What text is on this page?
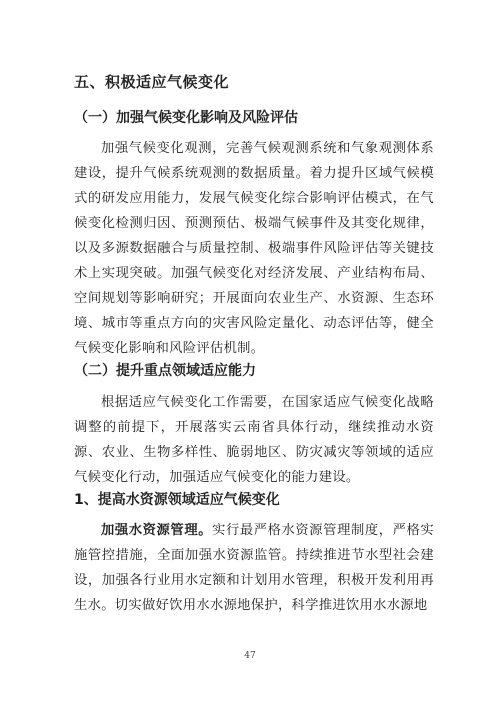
五、积极适应气候变化
（一）加强气候变化影响及风险评估

加强气候变化观测，完善气候观测系统和气象观测体系建设，提升气候系统观测的数据质量。着力提升区域气候模式的研发应用能力，发展气候变化综合影响评估模式，在气候变化检测归因、预测预估、极端气候事件及其变化规律，以及多源数据融合与质量控制、极端事件风险评估等关键技术上实现突破。加强气候变化对经济发展、产业结构布局、空间规划等影响研究；开展面向农业生产、水资源、生态环境、城市等重点方向的灾害风险定量化、动态评估等，健全气候变化影响和风险评估机制。

（二）提升重点领域适应能力

根据适应气候变化工作需要，在国家适应气候变化战略调整的前提下，开展落实云南省具体行动，继续推动水资源、农业、生物多样性、脆弱地区、防灾减灾等领域的适应气候变化行动，加强适应气候变化的能力建设。

1、提高水资源领域适应气候变化

加强水资源管理。实行最严格水资源管理制度，严格实施管控措施，全面加强水资源监管。持续推进节水型社会建设，加强各行业用水定额和计划用水管理，积极开发利用再生水。切实做好饮用水水源地保护，科学推进饮用水水源地

47
